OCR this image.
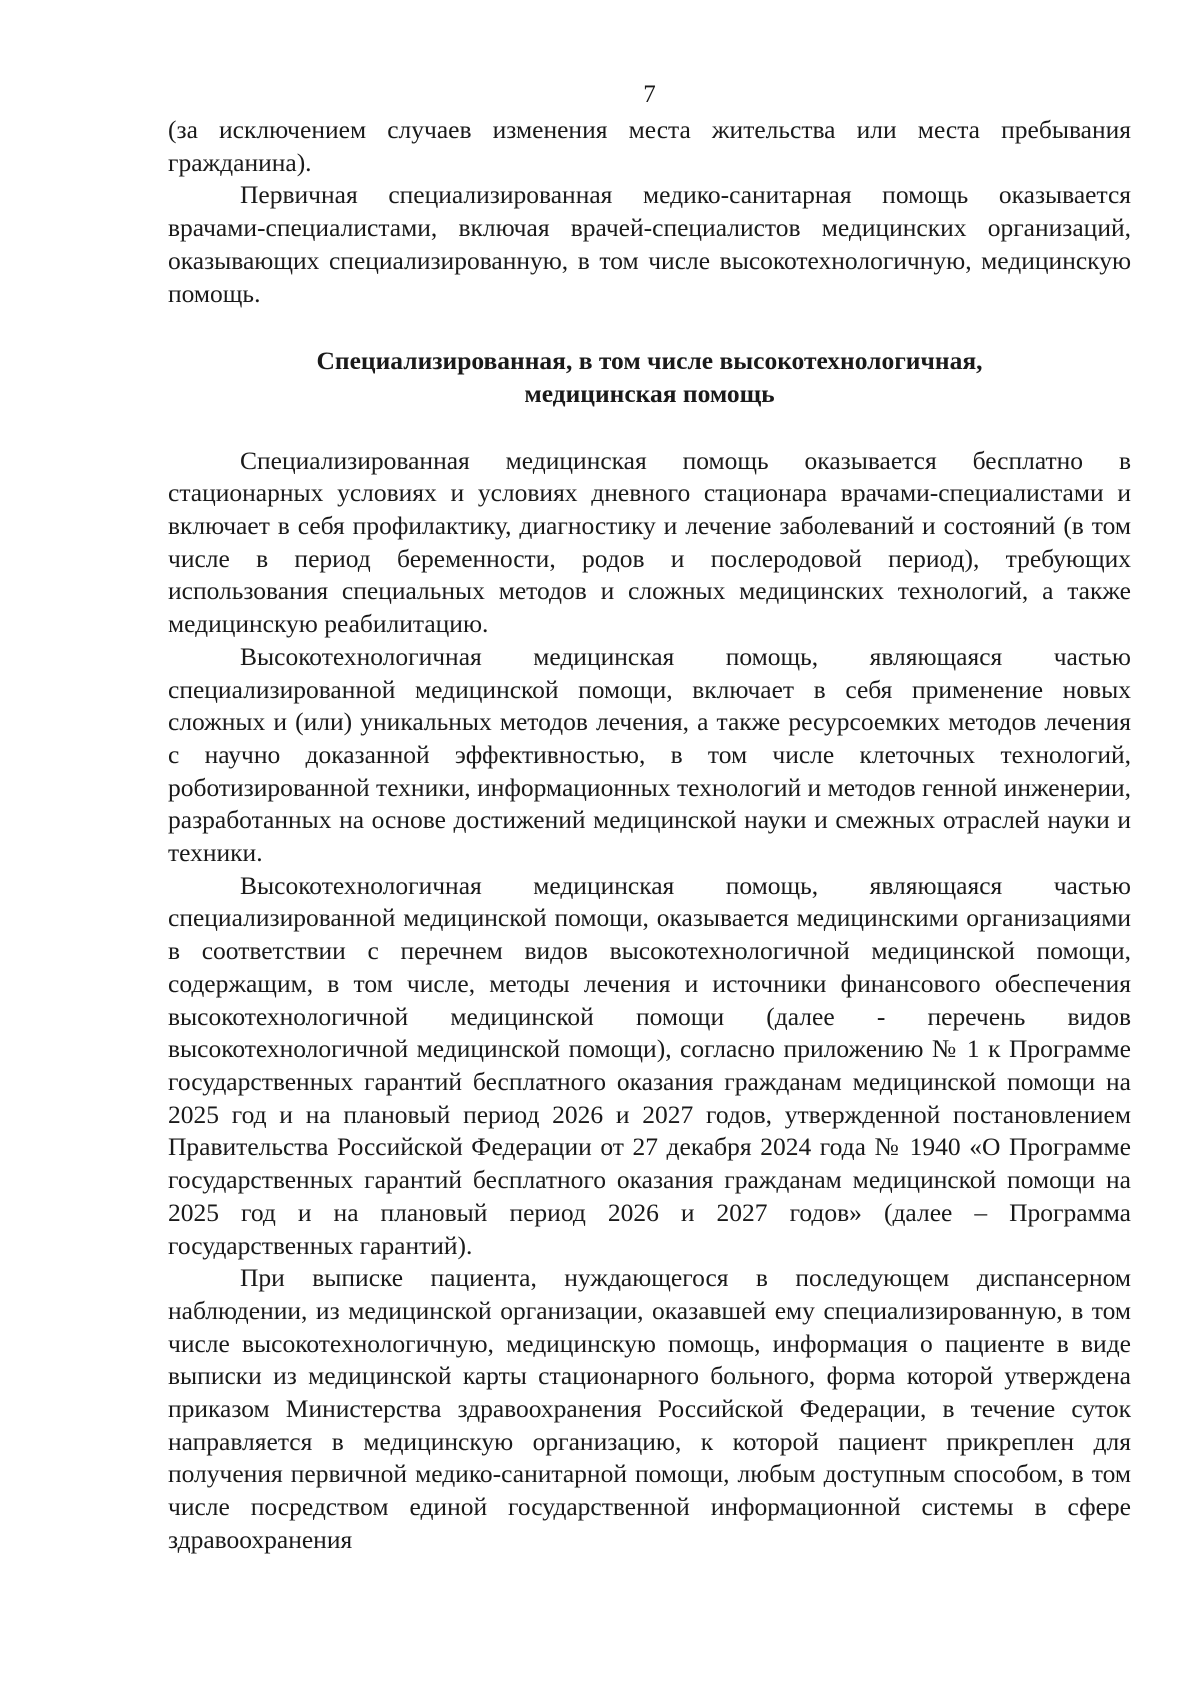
7

(за исключением случаев изменения места жительства или места пребывания гражданина).

Первичная специализированная медико-санитарная помощь оказывается врачами-специалистами, включая врачей-специалистов медицинских организаций, оказывающих специализированную, в том числе высокотехнологичную, медицинскую помощь.

Специализированная, в том числе высокотехнологичная,
медицинская помощь

Специализированная медицинская помощь оказывается бесплатно в стационарных условиях и условиях дневного стационара врачами-специалистами и включает в себя профилактику, диагностику и лечение заболеваний и состояний (в том числе в период беременности, родов и послеродовой период), требующих использования специальных методов и сложных медицинских технологий, а также медицинскую реабилитацию.

Высокотехнологичная медицинская помощь, являющаяся частью специализированной медицинской помощи, включает в себя применение новых сложных и (или) уникальных методов лечения, а также ресурсоемких методов лечения с научно доказанной эффективностью, в том числе клеточных технологий, роботизированной техники, информационных технологий и методов генной инженерии, разработанных на основе достижений медицинской науки и смежных отраслей науки и техники.

Высокотехнологичная медицинская помощь, являющаяся частью специализированной медицинской помощи, оказывается медицинскими организациями в соответствии с перечнем видов высокотехнологичной медицинской помощи, содержащим, в том числе, методы лечения и источники финансового обеспечения высокотехнологичной медицинской помощи (далее - перечень видов высокотехнологичной медицинской помощи), согласно приложению № 1 к Программе государственных гарантий бесплатного оказания гражданам медицинской помощи на 2025 год и на плановый период 2026 и 2027 годов, утвержденной постановлением Правительства Российской Федерации от 27 декабря 2024 года № 1940 «О Программе государственных гарантий бесплатного оказания гражданам медицинской помощи на 2025 год и на плановый период 2026 и 2027 годов» (далее – Программа государственных гарантий).

При выписке пациента, нуждающегося в последующем диспансерном наблюдении, из медицинской организации, оказавшей ему специализированную, в том числе высокотехнологичную, медицинскую помощь, информация о пациенте в виде выписки из медицинской карты стационарного больного, форма которой утверждена приказом Министерства здравоохранения Российской Федерации, в течение суток направляется в медицинскую организацию, к которой пациент прикреплен для получения первичной медико-санитарной помощи, любым доступным способом, в том числе посредством единой государственной информационной системы в сфере здравоохранения
